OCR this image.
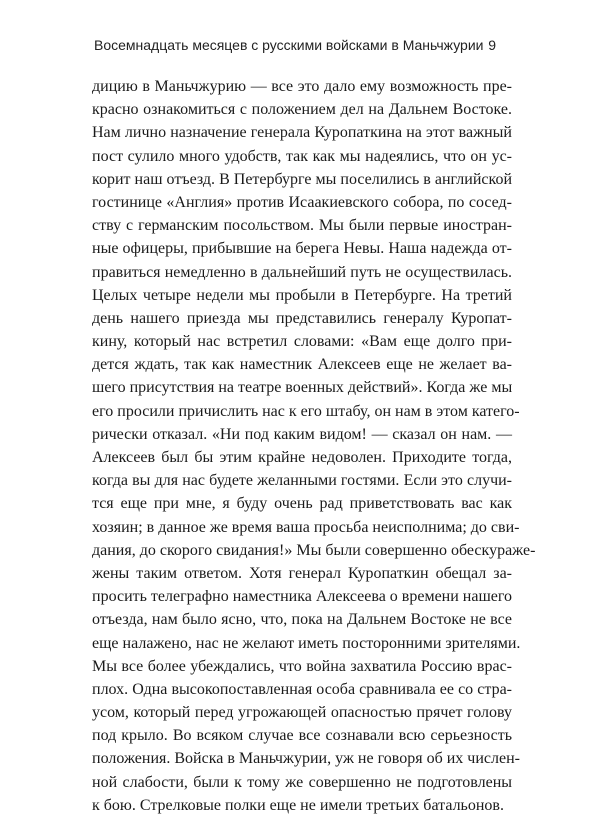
Восемнадцать месяцев с русскими войсками в Маньчжурии 9
дицию в Маньчжурию — все это дало ему возможность пре-
красно ознакомиться с положением дел на Дальнем Востоке.
Нам лично назначение генерала Куропаткина на этот важный
пост сулило много удобств, так как мы надеялись, что он ус-
корит наш отъезд. В Петербурге мы поселились в английской
гостинице «Англия» против Исаакиевского собора, по сосед-
ству с германским посольством. Мы были первые иностран-
ные офицеры, прибывшие на берега Невы. Наша надежда от-
правиться немедленно в дальнейший путь не осуществилась.
Целых четыре недели мы пробыли в Петербурге. На третий
день нашего приезда мы представились генералу Куропат-
кину, который нас встретил словами: «Вам еще долго при-
дется ждать, так как наместник Алексеев еще не желает ва-
шего присутствия на театре военных действий». Когда же мы
его просили причислить нас к его штабу, он нам в этом катего-
рически отказал. «Ни под каким видом! — сказал он нам. —
Алексеев был бы этим крайне недоволен. Приходите тогда,
когда вы для нас будете желанными гостями. Если это случи-
тся еще при мне, я буду очень рад приветствовать вас как
хозяин; в данное же время ваша просьба неисполнима; до сви-
дания, до скорого свидания!» Мы были совершенно обескураже-
жены таким ответом. Хотя генерал Куропаткин обещал за-
просить телеграфно наместника Алексеева о времени нашего
отъезда, нам было ясно, что, пока на Дальнем Востоке не все
еще налажено, нас не желают иметь посторонними зрителями.
Мы все более убеждались, что война захватила Россию врас-
плох. Одна высокопоставленная особа сравнивала ее со стра-
усом, который перед угрожающей опасностью прячет голову
под крыло. Во всяком случае все сознавали всю серьезность
положения. Войска в Маньчжурии, уж не говоря об их числен-
ной слабости, были к тому же совершенно не подготовлены
к бою. Стрелковые полки еще не имели третьих батальонов.
